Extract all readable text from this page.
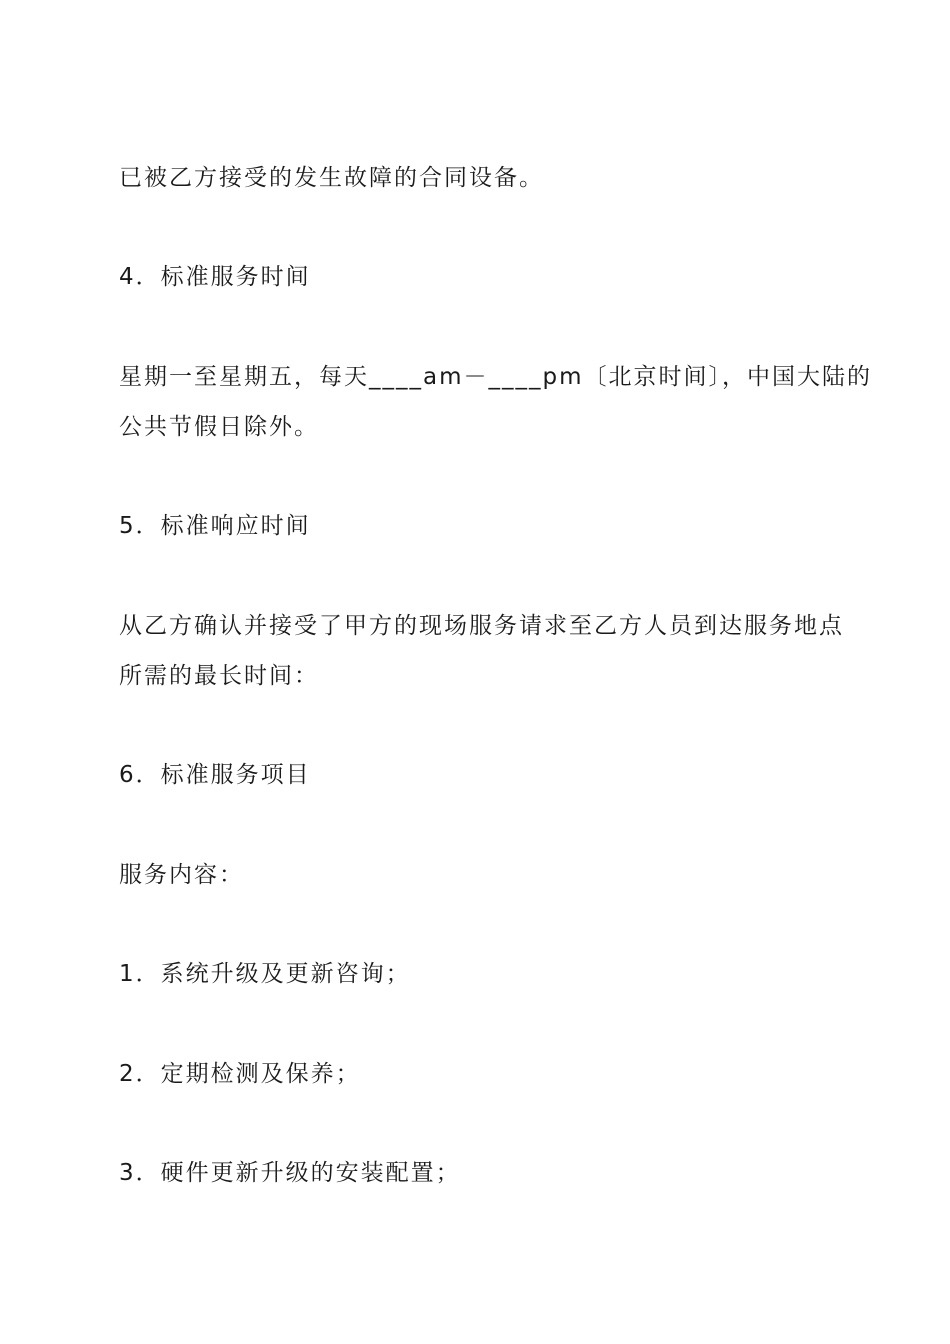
已被乙方接受的发生故障的合同设备。
4．标准服务时间
星期一至星期五，每天____am－____pm〔北京时间〕，中国大陆的
公共节假日除外。
5．标准响应时间
从乙方确认并接受了甲方的现场服务请求至乙方人员到达服务地点
所需的最长时间：
6．标准服务项目
服务内容：
1．系统升级及更新咨询；
2．定期检测及保养；
3．硬件更新升级的安装配置；
